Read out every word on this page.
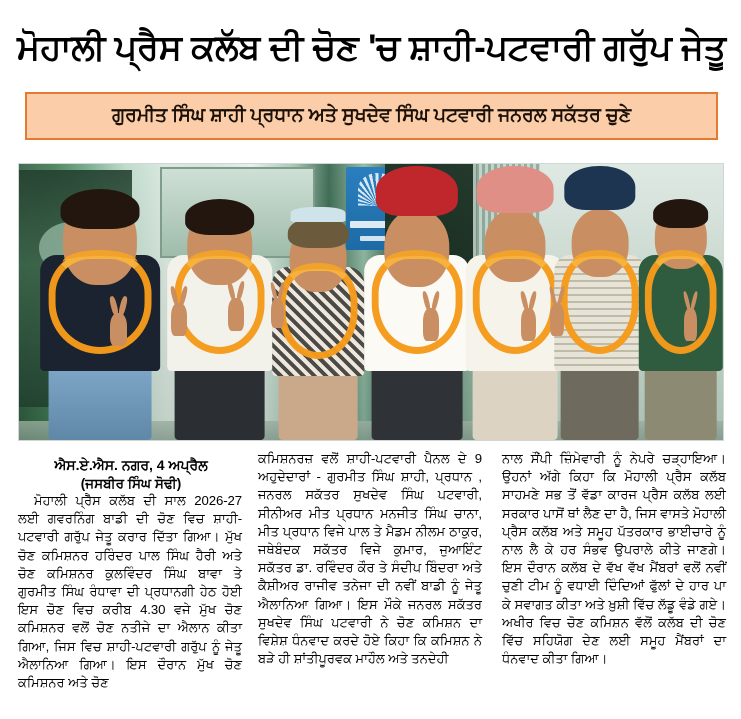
ਮੋਹਾਲੀ ਪ੍ਰੈਸ ਕਲੱਬ ਦੀ ਚੋਣ 'ਚ ਸ਼ਾਹੀ-ਪਟਵਾਰੀ ਗਰੁੱਪ ਜੇਤੂ
ਗੁਰਮੀਤ ਸਿੰਘ ਸ਼ਾਹੀ ਪ੍ਰਧਾਨ ਅਤੇ ਸੁਖਦੇਵ ਸਿੰਘ ਪਟਵਾਰੀ ਜਨਰਲ ਸਕੱਤਰ ਚੁਣੇ
ਐਸ.ਏ.ਐਸ. ਨਗਰ, 4 ਅਪ੍ਰੈਲ
(ਜਸਬੀਰ ਸਿੰਘ ਸੋਢੀ)

ਮੋਹਾਲੀ ਪ੍ਰੈੱਸ ਕਲੱਬ ਦੀ ਸਾਲ 2026-27 ਲਈ ਗਵਰਨਿੰਗ ਬਾਡੀ ਦੀ ਚੋਣ ਵਿਚ ਸ਼ਾਹੀ-ਪਟਵਾਰੀ ਗਰੁੱਪ ਜੇਤੂ ਕਰਾਰ ਦਿੱਤਾ ਗਿਆ। ਮੁੱਖ ਚੋਣ ਕਮਿਸ਼ਨਰ ਹਰਿੰਦਰ ਪਾਲ ਸਿੰਘ ਹੈਰੀ ਅਤੇ ਚੋਣ ਕਮਿਸ਼ਨਰ ਕੁਲਵਿੰਦਰ ਸਿੰਘ ਬਾਵਾ ਤੇ ਗੁਰਮੀਤ ਸਿੰਘ ਰੰਧਾਵਾ ਦੀ ਪ੍ਰਧਾਨਗੀ ਹੇਠ ਹੋਈ ਇਸ ਚੋਣ ਵਿਚ ਕਰੀਬ 4.30 ਵਜੇ ਮੁੱਖ ਚੋਣ ਕਮਿਸ਼ਨਰ ਵਲੋਂ ਚੋਣ ਨਤੀਜੇ ਦਾ ਐਲਾਨ ਕੀਤਾ ਗਿਆ, ਜਿਸ ਵਿਚ ਸ਼ਾਹੀ-ਪਟਵਾਰੀ ਗਰੁੱਪ ਨੂੰ ਜੇਤੂ ਐਲਾਨਿਆ ਗਿਆ। ਇਸ ਦੌਰਾਨ ਮੁੱਖ ਚੋਣ ਕਮਿਸ਼ਨਰ ਅਤੇ ਚੋਣ

ਕਮਿਸ਼ਨਰਜ਼ ਵਲੋਂ ਸ਼ਾਹੀ-ਪਟਵਾਰੀ ਪੈਨਲ ਦੇ 9 ਅਹੁਦੇਦਾਰਾਂ - ਗੁਰਮੀਤ ਸਿੰਘ ਸ਼ਾਹੀ, ਪ੍ਰਧਾਨ , ਜਨਰਲ ਸਕੱਤਰ ਸੁਖਦੇਵ ਸਿੰਘ ਪਟਵਾਰੀ, ਸੀਨੀਅਰ ਮੀਤ ਪ੍ਰਧਾਨ ਮਨਜੀਤ ਸਿੰਘ ਚਾਨਾ, ਮੀਤ ਪ੍ਰਧਾਨ ਵਿਜੇ ਪਾਲ ਤੇ ਮੈਡਮ ਨੀਲਮ ਠਾਕੁਰ, ਜਥੇਬੰਦਕ ਸਕੱਤਰ ਵਿਜੇ ਕੁਮਾਰ, ਜੁਆਇੰਟ ਸਕੱਤਰ ਡਾ. ਰਵਿੰਦਰ ਕੌਰ ਤੇ ਸੰਦੀਪ ਬਿੰਦਰਾ ਅਤੇ ਕੈਸ਼ੀਅਰ ਰਾਜੀਵ ਤਨੇਜਾ ਦੀ ਨਵੀਂ ਬਾਡੀ ਨੂੰ ਜੇਤੂ ਐਲਾਨਿਆ ਗਿਆ। ਇਸ ਮੌਕੇ ਜਨਰਲ ਸਕੱਤਰ ਸੁਖਦੇਵ ਸਿੰਘ ਪਟਵਾਰੀ ਨੇ ਚੋਣ ਕਮਿਸ਼ਨ ਦਾ ਵਿਸ਼ੇਸ਼ ਧੰਨਵਾਦ ਕਰਦੇ ਹੋਏ ਕਿਹਾ ਕਿ ਕਮਿਸ਼ਨ ਨੇ ਬੜੇ ਹੀ ਸ਼ਾਂਤੀਪੂਰਵਕ ਮਾਹੌਲ ਅਤੇ ਤਨਦੇਹੀ

ਨਾਲ ਸੌਂਪੀ ਜ਼ਿੰਮੇਵਾਰੀ ਨੂੰ ਨੇਪਰੇ ਚੜ੍ਹਾਇਆ। ਉਹਨਾਂ ਅੱਗੇ ਕਿਹਾ ਕਿ ਮੋਹਾਲੀ ਪ੍ਰੈਸ ਕਲੱਬ ਸਾਹਮਣੇ ਸਭ ਤੋਂ ਵੱਡਾ ਕਾਰਜ ਪ੍ਰੈਸ ਕਲੱਬ ਲਈ ਸਰਕਾਰ ਪਾਸੋਂ ਥਾਂ ਲੈਣ ਦਾ ਹੈ, ਜਿਸ ਵਾਸਤੇ ਮੋਹਾਲੀ ਪ੍ਰੈਸ ਕਲੱਬ ਅਤੇ ਸਮੂਹ ਪੱਤਰਕਾਰ ਭਾਈਚਾਰੇ ਨੂੰ ਨਾਲ ਲੈ ਕੇ ਹਰ ਸੰਭਵ ਉਪਰਾਲੇ ਕੀਤੇ ਜਾਣਗੇ। ਇਸ ਦੌਰਾਨ ਕਲੱਬ ਦੇ ਵੱਖ ਵੱਖ ਮੈਂਬਰਾਂ ਵਲੋਂ ਨਵੀਂ ਚੁਣੀ ਟੀਮ ਨੂੰ ਵਧਾਈ ਦਿੰਦਿਆਂ ਫੁੱਲਾਂ ਦੇ ਹਾਰ ਪਾ ਕੇ ਸਵਾਗਤ ਕੀਤਾ ਅਤੇ ਖ਼ੁਸ਼ੀ ਵਿੱਚ ਲੱਡੂ ਵੰਡੇ ਗਏ। ਅਖੀਰ ਵਿਚ ਚੋਣ ਕਮਿਸ਼ਨ ਵੱਲੋਂ ਕਲੱਬ ਦੀ ਚੋਣ ਵਿੱਚ ਸਹਿਯੋਗ ਦੇਣ ਲਈ ਸਮੂਹ ਮੈਂਬਰਾਂ ਦਾ ਧੰਨਵਾਦ ਕੀਤਾ ਗਿਆ।
